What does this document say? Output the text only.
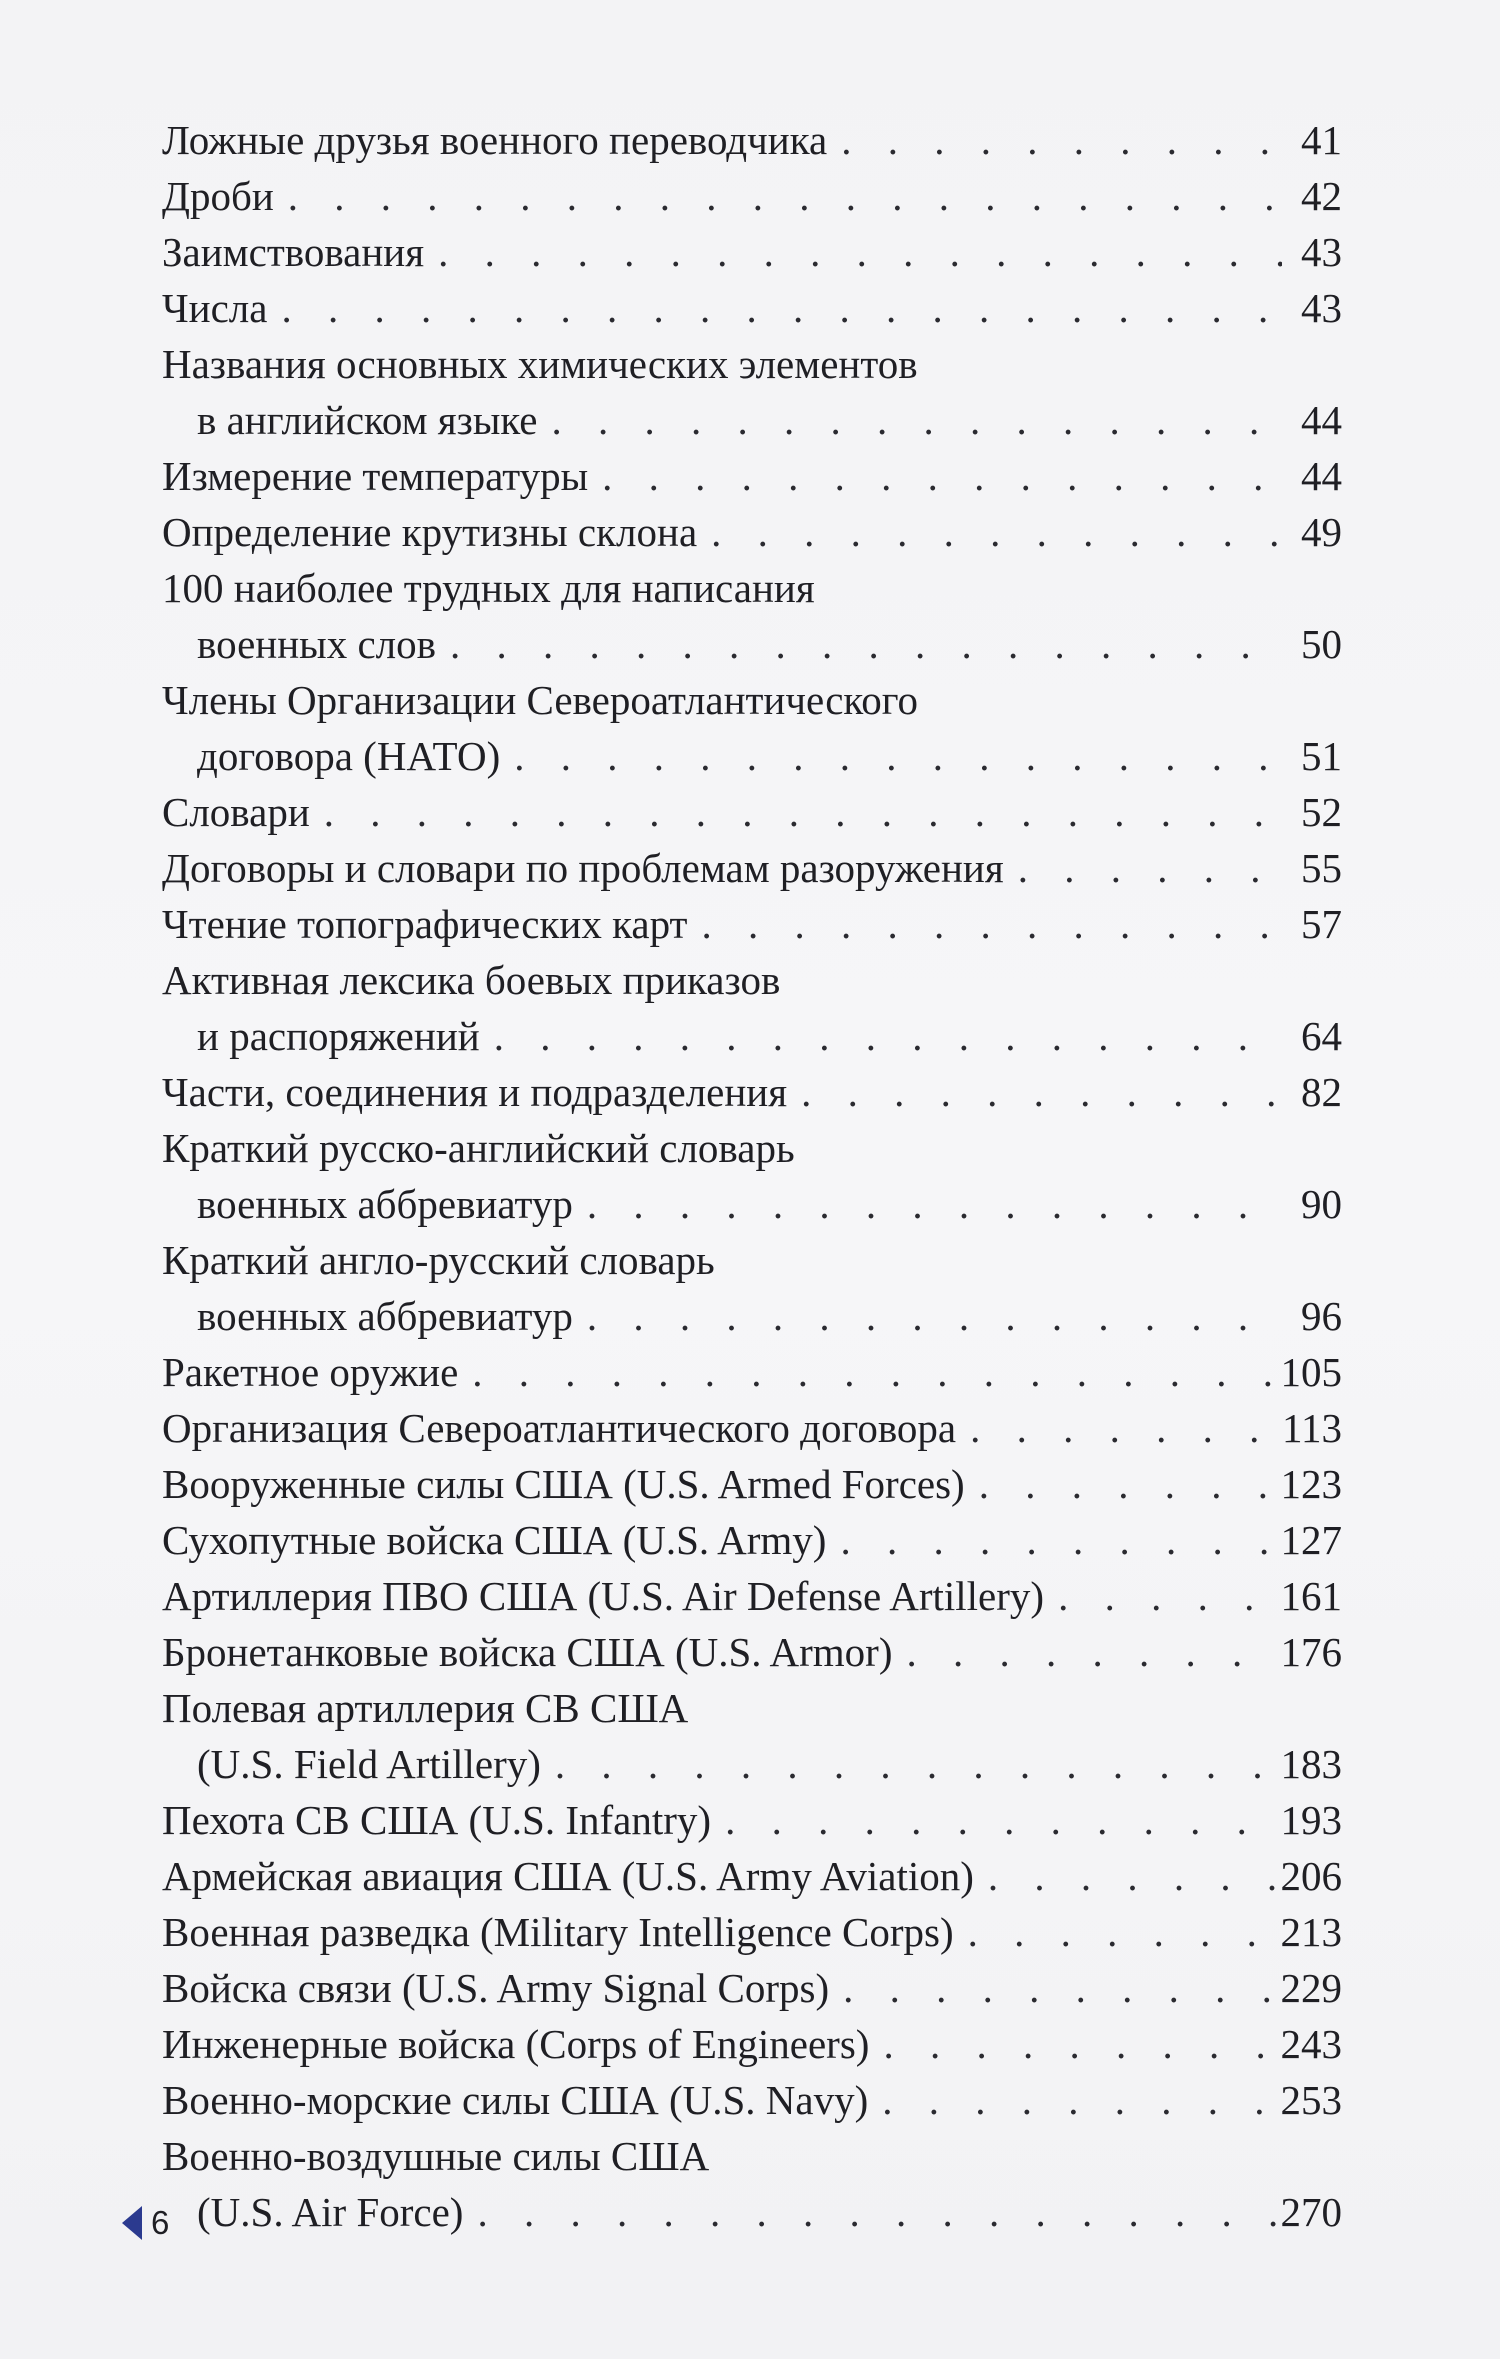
Ложные друзья военного переводчика . . .	41
Дроби . . .	42
Заимствования . . .	43
Числа . . .	43
Названия основных химических элементов
в английском языке . . .	44
Измерение температуры . . .	44
Определение крутизны склона . . .	49
100 наиболее трудных для написания
военных слов . . .	50
Члены Организации Североатлантического
договора (НАТО) . . .	51
Словари . . .	52
Договоры и словари по проблемам разоружения . . .	55
Чтение топографических карт . . .	57
Активная лексика боевых приказов
и распоряжений . . .	64
Части, соединения и подразделения . . .	82
Краткий русско-английский словарь
военных аббревиатур . . .	90
Краткий англо-русский словарь
военных аббревиатур . . .	96
Ракетное оружие . . .	105
Организация Североатлантического договора . . .	113
Вооруженные силы США (U.S. Armed Forces) . . .	123
Сухопутные войска США (U.S. Army) . . .	127
Артиллерия ПВО США (U.S. Air Defense Artillery) . . .	161
Бронетанковые войска США (U.S. Armor) . . .	176
Полевая артиллерия СВ США
(U.S. Field Artillery) . . .	183
Пехота СВ США (U.S. Infantry) . . .	193
Армейская авиация США (U.S. Army Aviation) . . .	206
Военная разведка (Military Intelligence Corps) . . .	213
Войска связи (U.S. Army Signal Corps) . . .	229
Инженерные войска (Corps of Engineers) . . .	243
Военно-морские силы США (U.S. Navy) . . .	253
Военно-воздушные силы США
(U.S. Air Force) . . .	270
6
